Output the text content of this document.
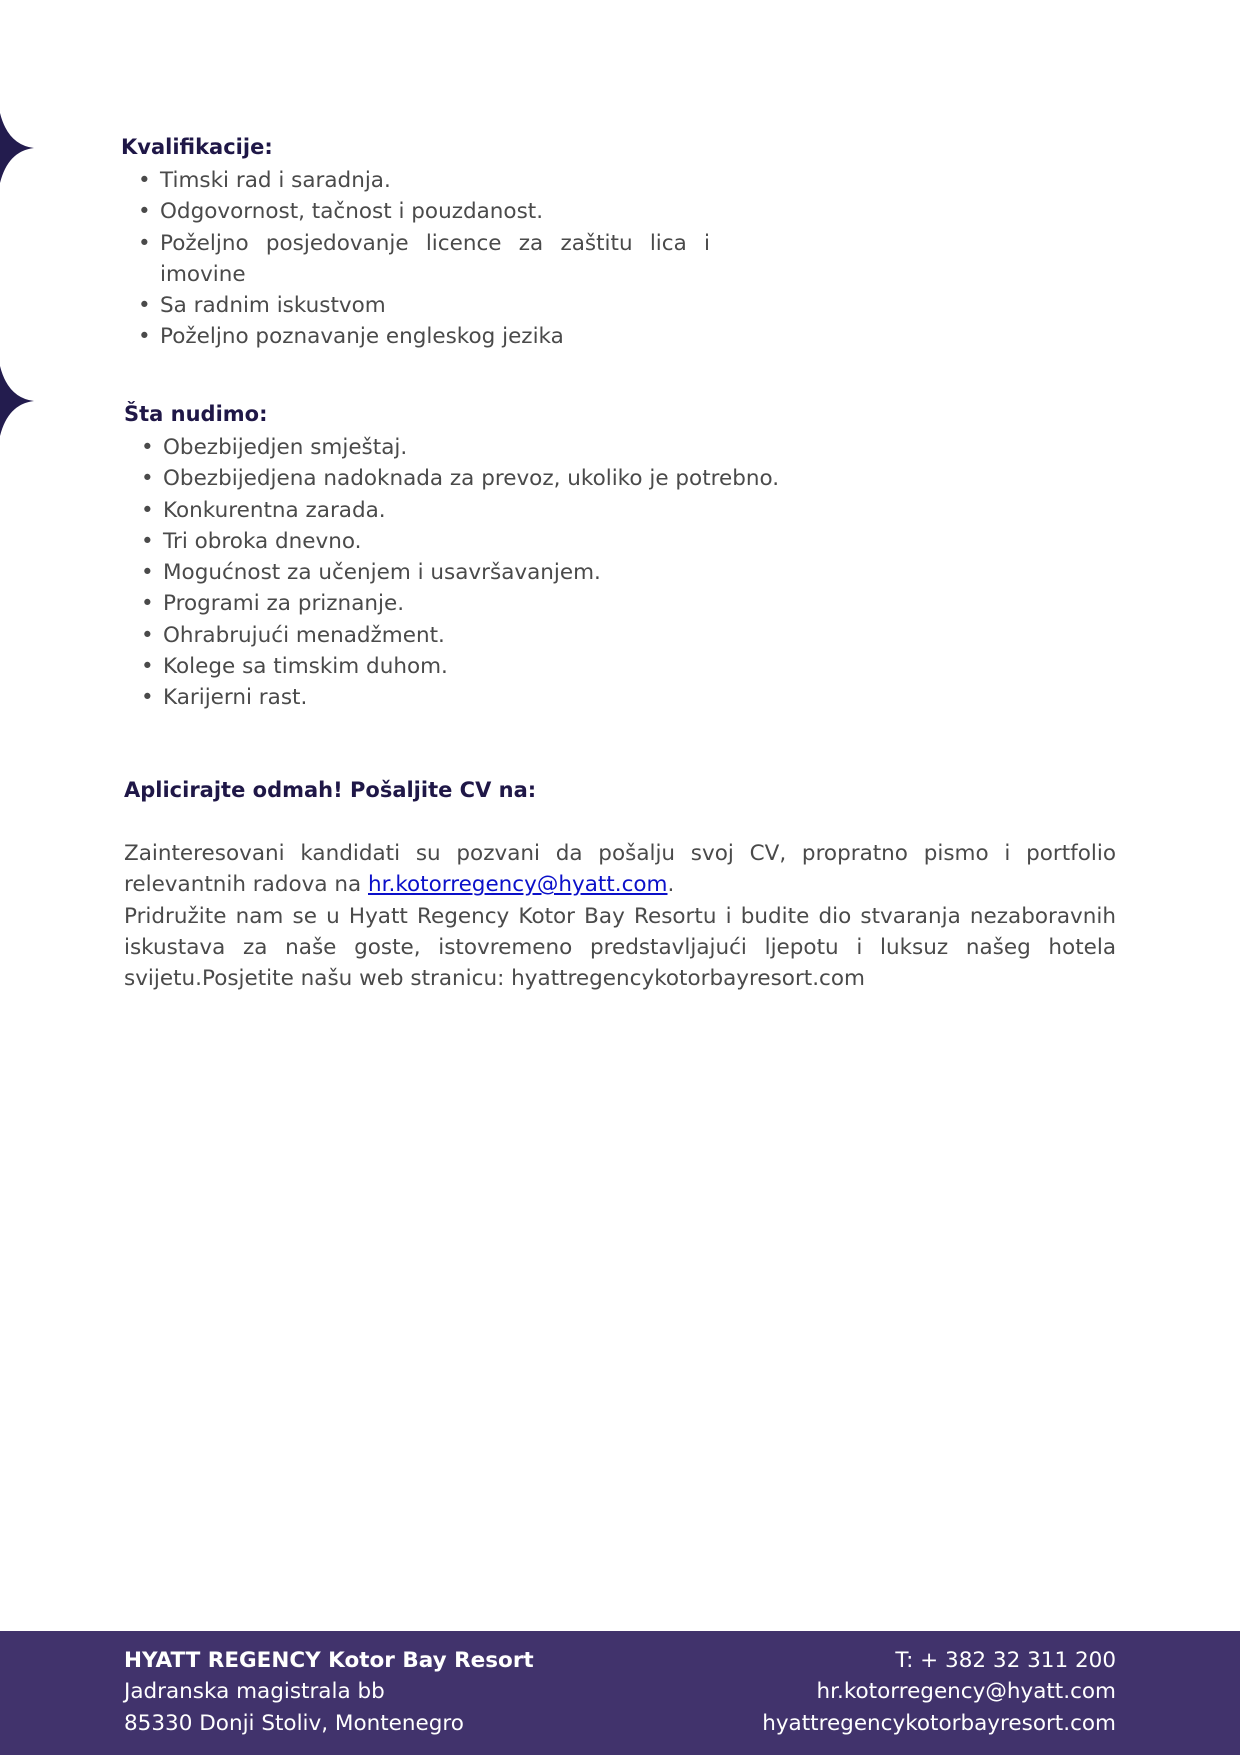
Kvalifikacije:
• Timski rad i saradnja.
• Odgovornost, tačnost i pouzdanost.
• Poželjno posjedovanje licence za zaštitu lica i imovine
• Sa radnim iskustvom
• Poželjno poznavanje engleskog jezika
Šta nudimo:
• Obezbijedjen smještaj.
• Obezbijedjena nadoknada za prevoz, ukoliko je potrebno.
• Konkurentna zarada.
• Tri obroka dnevno.
• Mogućnost za učenjem i usavršavanjem.
• Programi za priznanje.
• Ohrabrujući menadžment.
• Kolege sa timskim duhom.
• Karijerni rast.
Aplicirajte odmah! Pošaljite CV na:

Zainteresovani kandidati su pozvani da pošalju svoj CV, propratno pismo i portfolio relevantnih radova na hr.kotorregency@hyatt.com.

Pridružite nam se u Hyatt Regency Kotor Bay Resortu i budite dio stvaranja nezaboravnih iskustava za naše goste, istovremeno predstavljajući ljepotu i luksuz našeg hotela svijetu.Posjetite našu web stranicu: hyattregencykotorbayresort.com

HYATT REGENCY Kotor Bay Resort
Jadranska magistrala bb
85330 Donji Stoliv, Montenegro
T: + 382 32 311 200
hr.kotorregency@hyatt.com
hyattregencykotorbayresort.com
